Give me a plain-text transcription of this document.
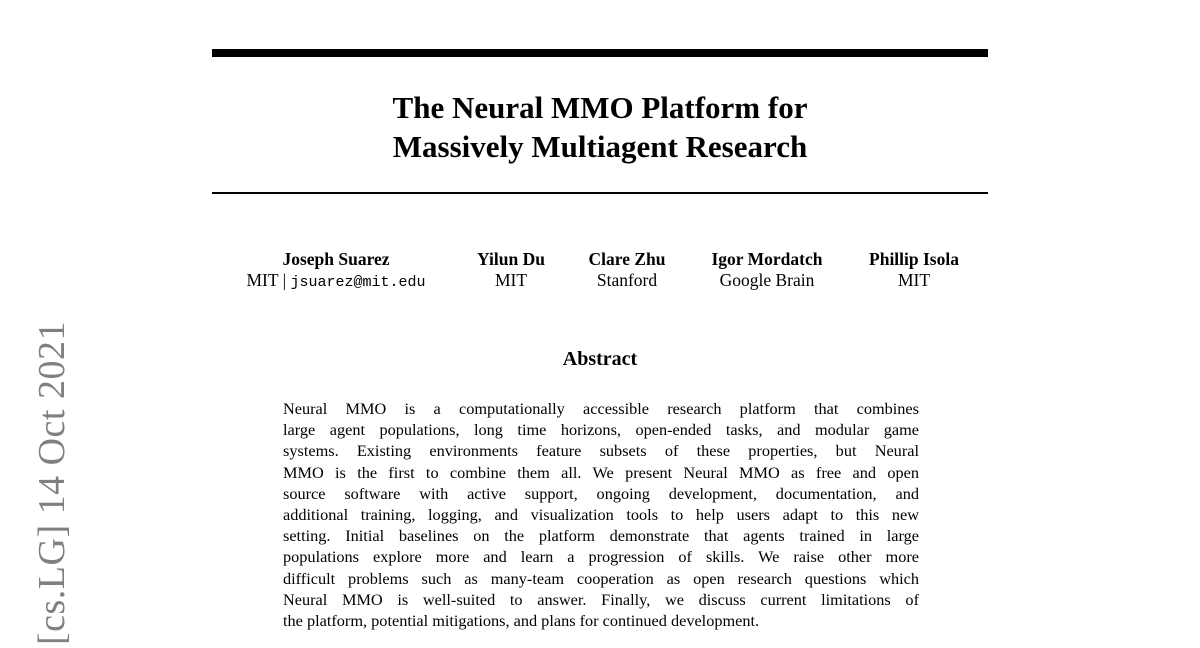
[cs.LG] 14 Oct 2021
The Neural MMO Platform for
Massively Multiagent Research
Joseph Suarez
MIT | jsuarez@mit.edu
Yilun Du
MIT
Clare Zhu
Stanford
Igor Mordatch
Google Brain
Phillip Isola
MIT
Abstract
Neural MMO is a computationally accessible research platform that combines
large agent populations, long time horizons, open-ended tasks, and modular game
systems. Existing environments feature subsets of these properties, but Neural
MMO is the first to combine them all. We present Neural MMO as free and open
source software with active support, ongoing development, documentation, and
additional training, logging, and visualization tools to help users adapt to this new
setting. Initial baselines on the platform demonstrate that agents trained in large
populations explore more and learn a progression of skills. We raise other more
difficult problems such as many-team cooperation as open research questions which
Neural MMO is well-suited to answer. Finally, we discuss current limitations of
the platform, potential mitigations, and plans for continued development.
